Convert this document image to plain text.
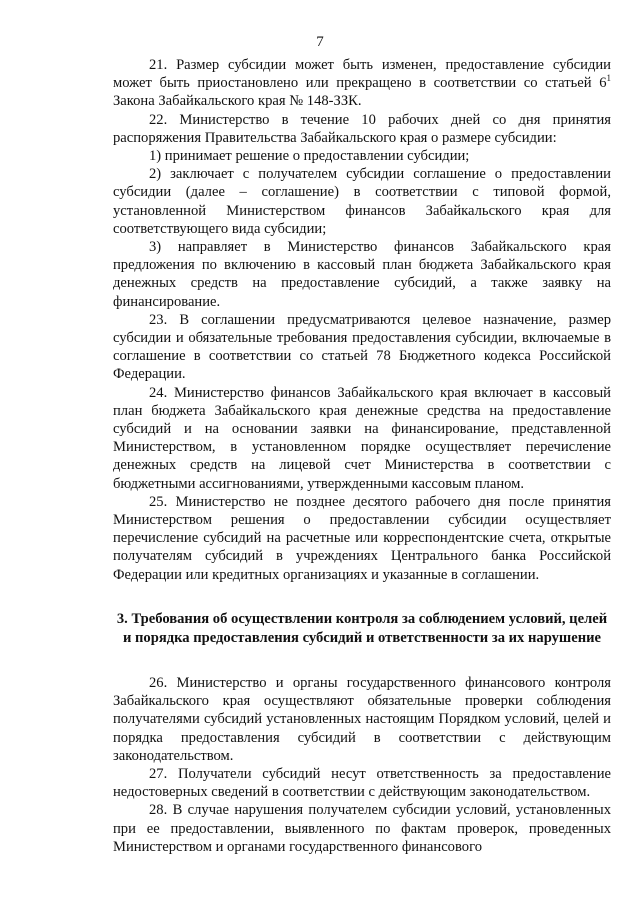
7

21. Размер субсидии может быть изменен, предоставление субсидии может быть приостановлено или прекращено в соответствии со статьей $6^1$ Закона Забайкальского края № 148-ЗЗК.

22. Министерство в течение 10 рабочих дней со дня принятия распоряжения Правительства Забайкальского края о размере субсидии:

1) принимает решение о предоставлении субсидии;

2) заключает с получателем субсидии соглашение о предоставлении субсидии (далее – соглашение) в соответствии с типовой формой, установленной Министерством финансов Забайкальского края для соответствующего вида субсидии;

3) направляет в Министерство финансов Забайкальского края предложения по включению в кассовый план бюджета Забайкальского края денежных средств на предоставление субсидий, а также заявку на финансирование.

23. В соглашении предусматриваются целевое назначение, размер субсидии и обязательные требования предоставления субсидии, включаемые в соглашение в соответствии со статьей 78 Бюджетного кодекса Российской Федерации.

24. Министерство финансов Забайкальского края включает в кассовый план бюджета Забайкальского края денежные средства на предоставление субсидий и на основании заявки на финансирование, представленной Министерством, в установленном порядке осуществляет перечисление денежных средств на лицевой счет Министерства в соответствии с бюджетными ассигнованиями, утвержденными кассовым планом.

25. Министерство не позднее десятого рабочего дня после принятия Министерством решения о предоставлении субсидии осуществляет перечисление субсидий на расчетные или корреспондентские счета, открытые получателям субсидий в учреждениях Центрального банка Российской Федерации или кредитных организациях и указанные в соглашении.

3. Требования об осуществлении контроля за соблюдением условий, целей и порядка предоставления субсидий и ответственности за их нарушение

26. Министерство и органы государственного финансового контроля Забайкальского края осуществляют обязательные проверки соблюдения получателями субсидий установленных настоящим Порядком условий, целей и порядка предоставления субсидий в соответствии с действующим законодательством.

27. Получатели субсидий несут ответственность за предоставление недостоверных сведений в соответствии с действующим законодательством.

28. В случае нарушения получателем субсидии условий, установленных при ее предоставлении, выявленного по фактам проверок, проведенных Министерством и органами государственного финансового
